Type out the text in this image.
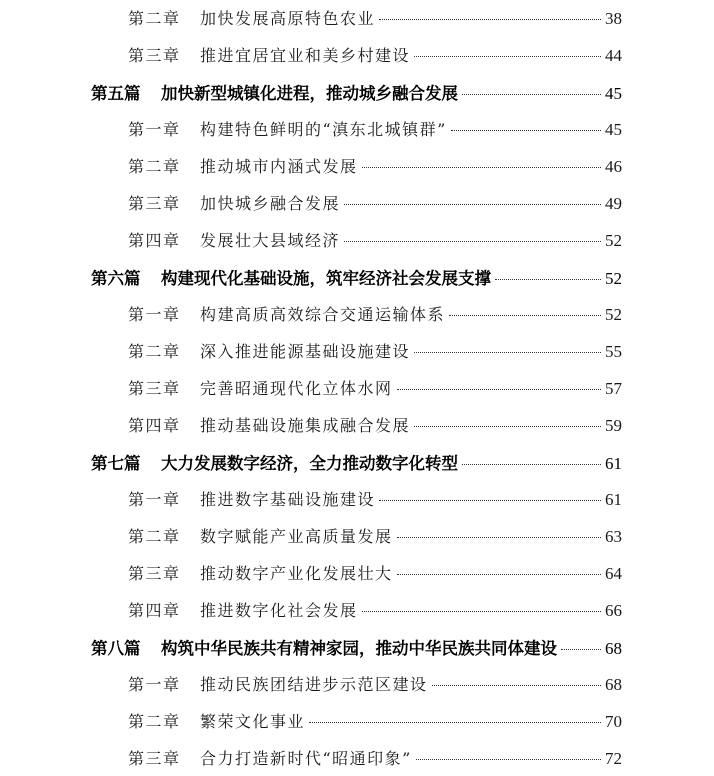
第二章	加快发展高原特色农业	38
第三章	推进宜居宜业和美乡村建设	44
第五篇	加快新型城镇化进程，推动城乡融合发展	45
第一章	构建特色鲜明的“滇东北城镇群”	45
第二章	推动城市内涵式发展	46
第三章	加快城乡融合发展	49
第四章	发展壮大县域经济	52
第六篇	构建现代化基础设施，筑牢经济社会发展支撑	52
第一章	构建高质高效综合交通运输体系	52
第二章	深入推进能源基础设施建设	55
第三章	完善昭通现代化立体水网	57
第四章	推动基础设施集成融合发展	59
第七篇	大力发展数字经济，全力推动数字化转型	61
第一章	推进数字基础设施建设	61
第二章	数字赋能产业高质量发展	63
第三章	推动数字产业化发展壮大	64
第四章	推进数字化社会发展	66
第八篇	构筑中华民族共有精神家园，推动中华民族共同体建设	68
第一章	推动民族团结进步示范区建设	68
第二章	繁荣文化事业	70
第三章	合力打造新时代“昭通印象”	72
